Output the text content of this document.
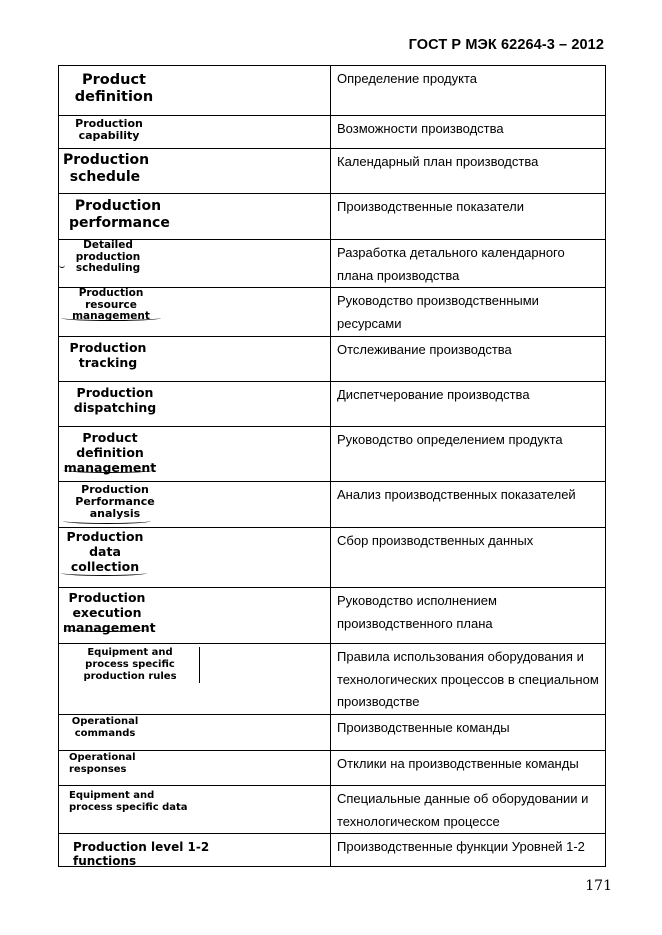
ГОСТ Р МЭК 62264-3 – 2012
Product definition	Определение продукта

Production capability	Возможности производства

Production schedule	Календарный план производства

Production performance	Производственные показатели

Detailed production scheduling	Разработка детального календарного плана производства

Production resource management	Руководство производственными ресурсами

Production tracking	Отслеживание производства

Production dispatching	Диспетчерование производства

Product definition management	Руководство определением продукта

Production Performance analysis	Анализ производственных показателей

Production data collection	Сбор производственных данных

Production execution management	Руководство исполнением производственного плана

Equipment and process specific production rules	Правила использования оборудования и технологических процессов в специальном производстве

Operational commands	Производственные команды

Operational responses	Отклики на производственные команды

Equipment and process specific data	Специальные данные об оборудовании и технологическом процессе

Production level 1-2 functions	Производственные функции Уровней 1-2
171
